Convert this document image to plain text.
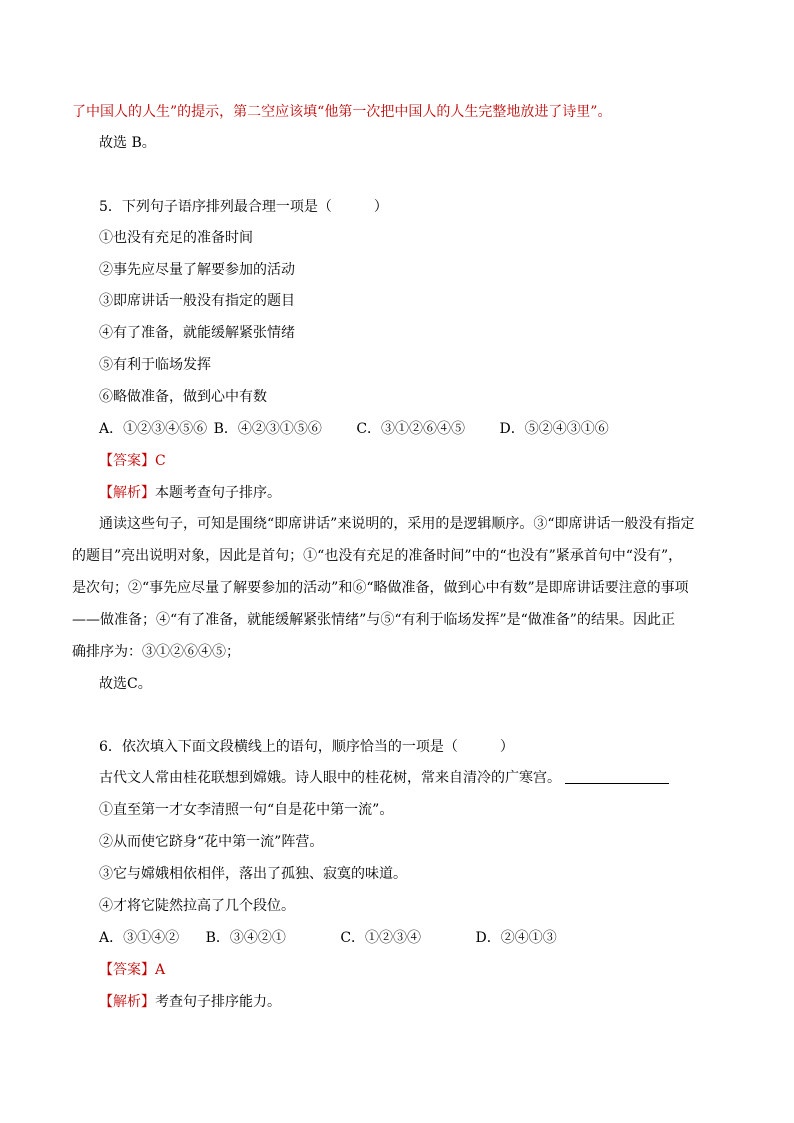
了中国人的人生”的提示，第二空应该填“他第一次把中国人的人生完整地放进了诗里”。
故选 B。
5．下列句子语序排列最合理一项是（　　　）
①也没有充足的准备时间
②事先应尽量了解要参加的活动
③即席讲话一般没有指定的题目
④有了准备，就能缓解紧张情绪
⑤有利于临场发挥
⑥略做准备，做到心中有数
A．①②③④⑤⑥ B．④②③①⑤⑥ C．③①②⑥④⑤ D．⑤②④③①⑥
【答案】C
【解析】本题考查句子排序。
通读这些句子，可知是围绕“即席讲话”来说明的，采用的是逻辑顺序。③“即席讲话一般没有指定
的题目”亮出说明对象，因此是首句；①“也没有充足的准备时间”中的“也没有”紧承首句中“没有”，
是次句；②“事先应尽量了解要参加的活动”和⑥“略做准备，做到心中有数”是即席讲话要注意的事项
——做准备；④“有了准备，就能缓解紧张情绪”与⑤“有利于临场发挥”是“做准备”的结果。因此正
确排序为：③①②⑥④⑤；
故选C。
6．依次填入下面文段横线上的语句，顺序恰当的一项是（　　　）
古代文人常由桂花联想到嫦娥。诗人眼中的桂花树，常来自清冷的广寒宫。
①直至第一才女李清照一句“自是花中第一流”。
②从而使它跻身“花中第一流”阵营。
③它与嫦娥相依相伴，落出了孤独、寂寞的味道。
④才将它陡然拉高了几个段位。
A．③①④② B．③④②①	C．①②③④	D．②④①③
【答案】A
【解析】考查句子排序能力。
